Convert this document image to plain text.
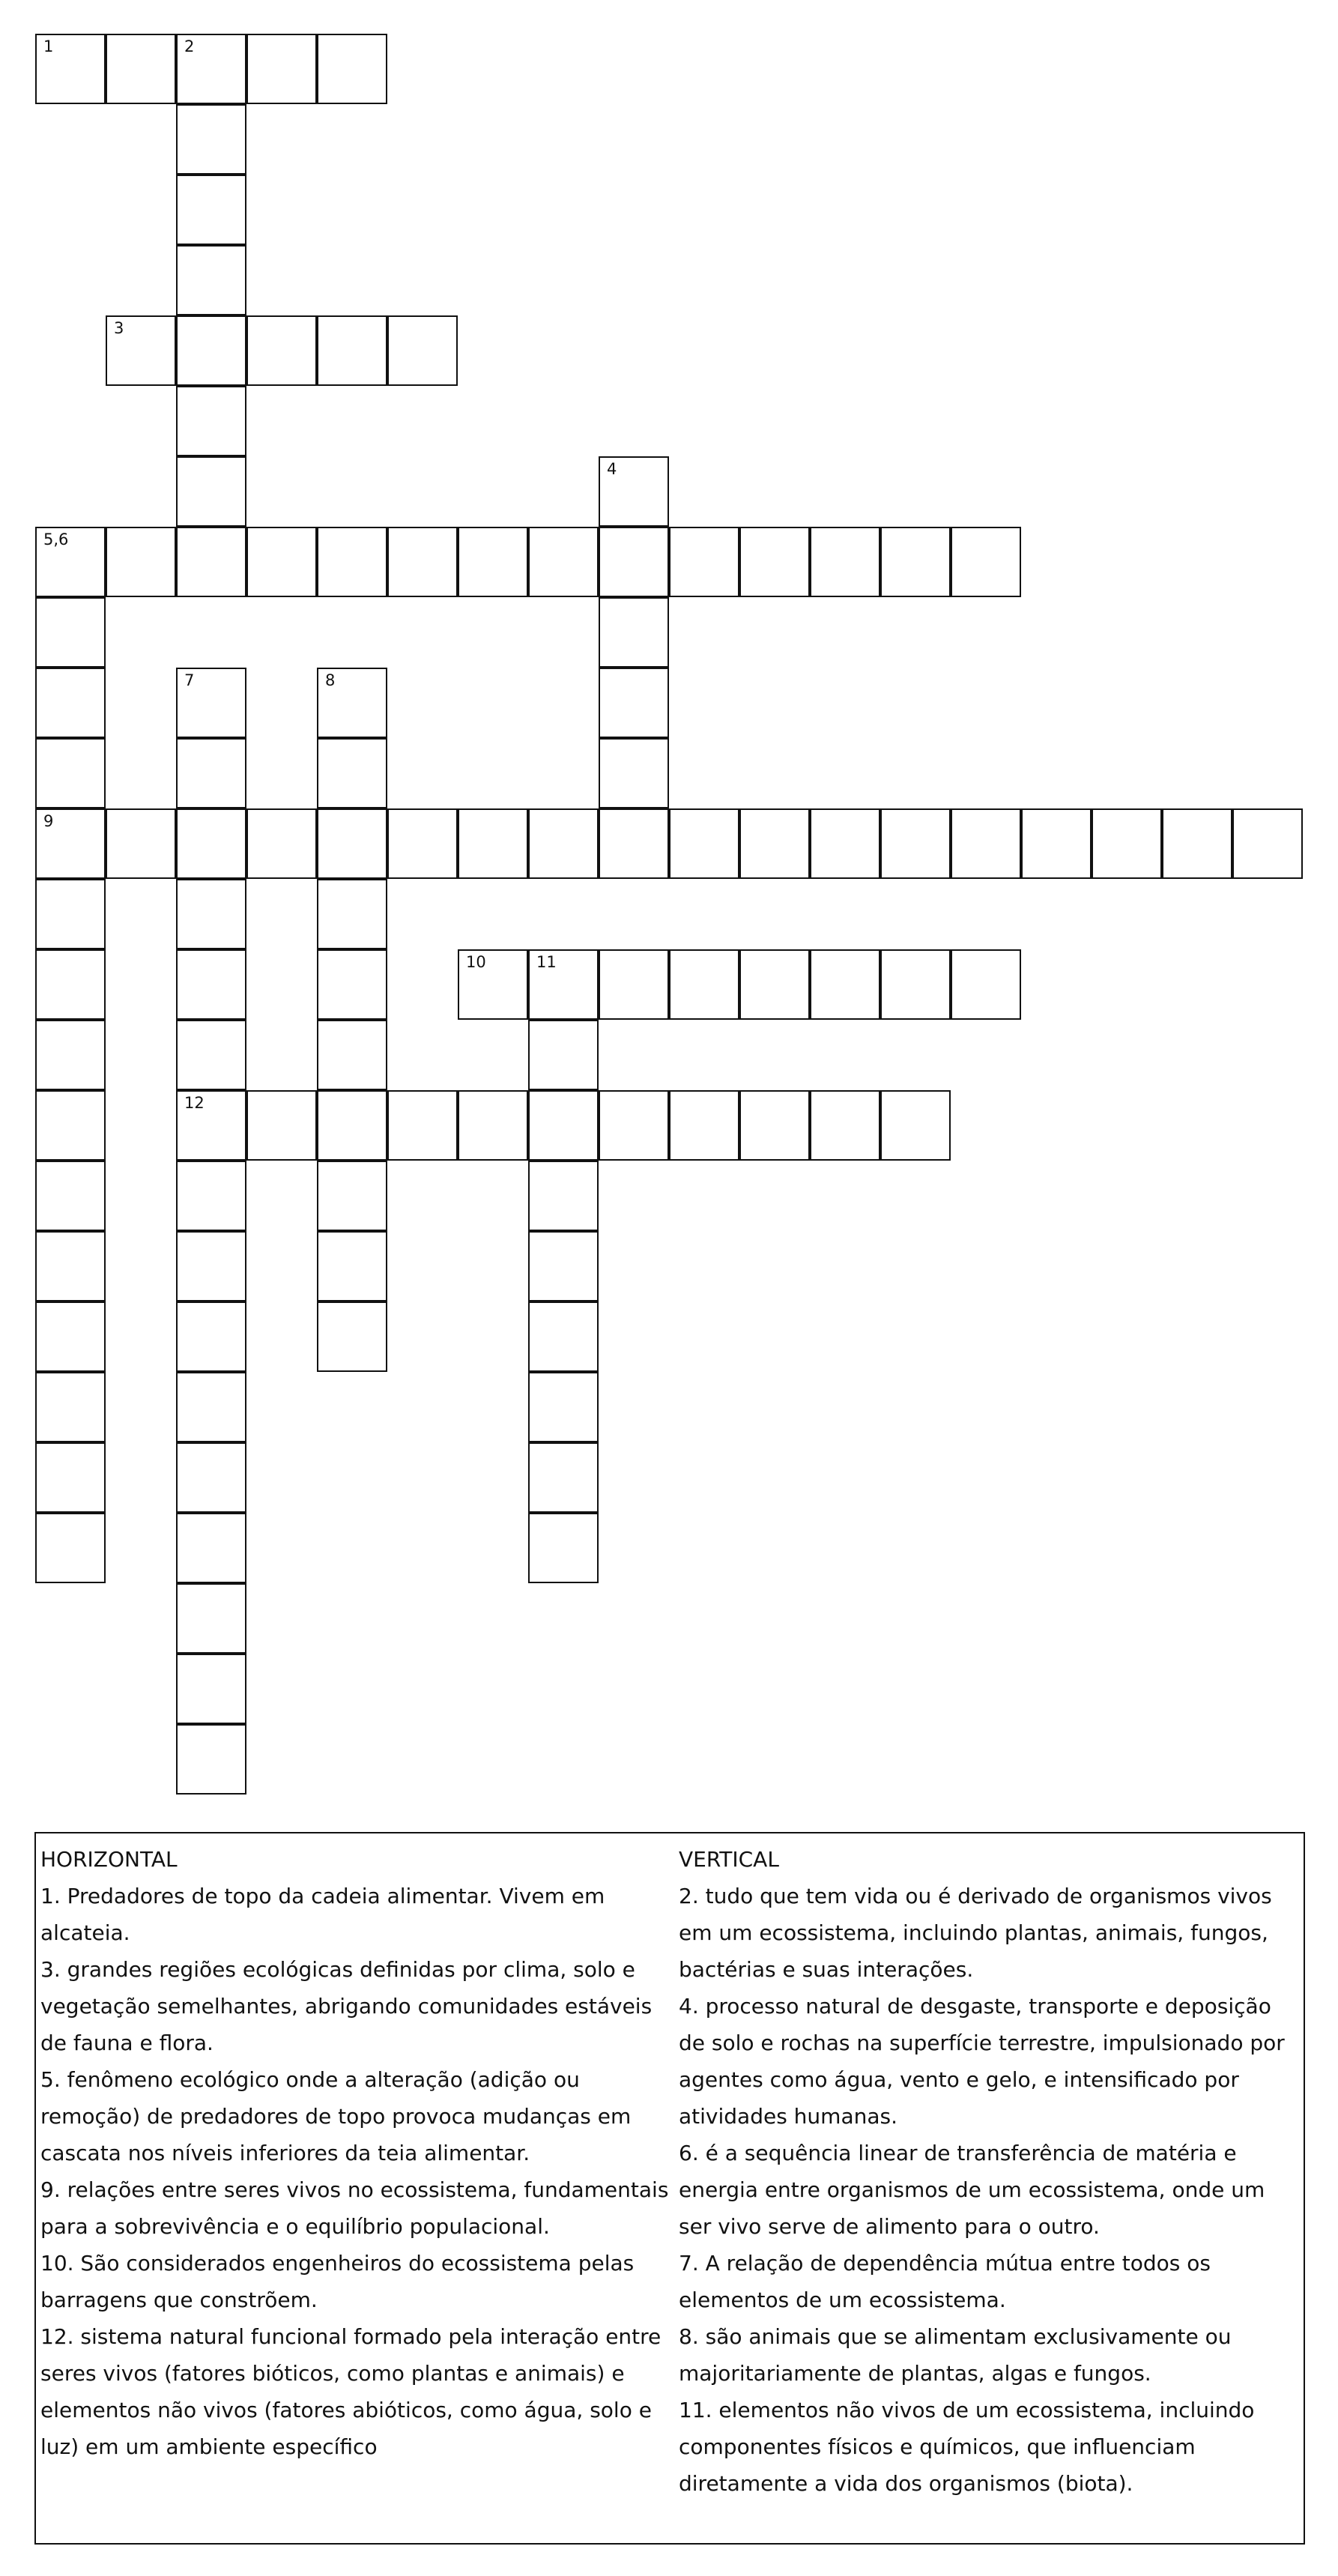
1	2
3
4
5,6
7	8
9
10	11
12

HORIZONTAL

1. Predadores de topo da cadeia alimentar. Vivem em alcateia.

3. grandes regiões ecológicas definidas por clima, solo e vegetação semelhantes, abrigando comunidades estáveis de fauna e flora.

5. fenômeno ecológico onde a alteração (adição ou remoção) de predadores de topo provoca mudanças em cascata nos níveis inferiores da teia alimentar.

9. relações entre seres vivos no ecossistema, fundamentais para a sobrevivência e o equilíbrio populacional.

10. São considerados engenheiros do ecossistema pelas barragens que constrõem.

12. sistema natural funcional formado pela interação entre seres vivos (fatores bióticos, como plantas e animais) e elementos não vivos (fatores abióticos, como água, solo e luz) em um ambiente específico

VERTICAL

2. tudo que tem vida ou é derivado de organismos vivos em um ecossistema, incluindo plantas, animais, fungos, bactérias e suas interações.

4. processo natural de desgaste, transporte e deposição de solo e rochas na superfície terrestre, impulsionado por agentes como água, vento e gelo, e intensificado por atividades humanas.

6. é a sequência linear de transferência de matéria e energia entre organismos de um ecossistema, onde um ser vivo serve de alimento para o outro.

7. A relação de dependência mútua entre todos os elementos de um ecossistema.

8. são animais que se alimentam exclusivamente ou majoritariamente de plantas, algas e fungos.

11. elementos não vivos de um ecossistema, incluindo componentes físicos e químicos, que influenciam diretamente a vida dos organismos (biota).
